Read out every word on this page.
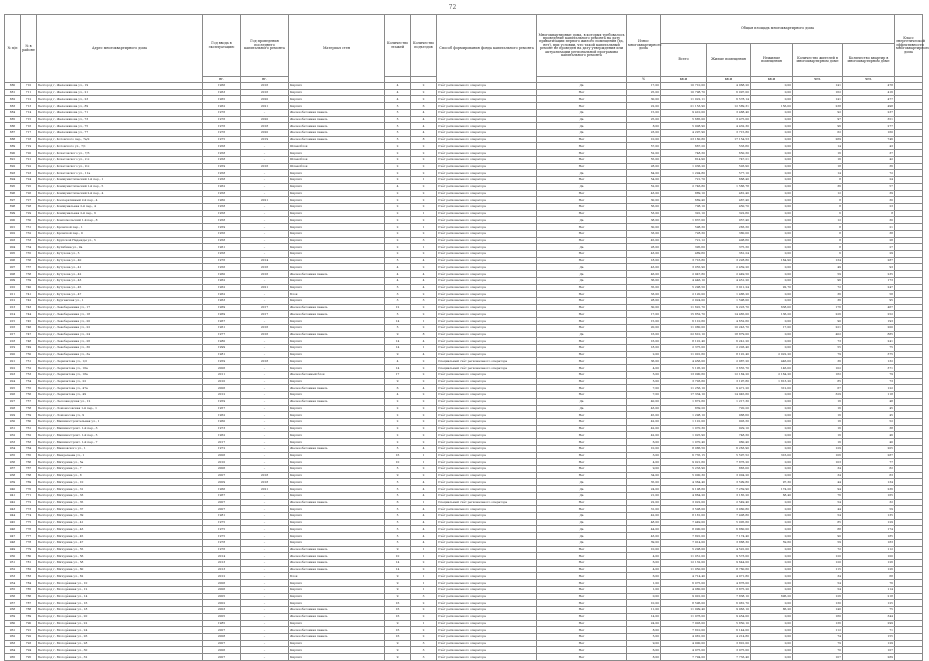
72
№ п/п	№ в районе	Адрес многоквартирного дома	Год ввода в эксплуатацию	Год проведения последнего капитального ремонта	Материал стен	Количество этажей	Количество подъездов	Способ формирования фонда капитального ремонта	Многоквартирные дома, в которых требовалось проведение капитального ремонта на дату приватизации первого жилого помещения (да, нет), при условии, что такой капитальный ремонт не проведен на дату утверждения или актуализации региональной программы капитального ремонта	Износ многоквартирного дома	Общая площадь многоквартирного дома					Класс энергетической эффективности многоквартирного дома
											Всего	Жилые помещения	Нежилые помещения	Количество жителей в многоквартирном доме	Количество квартир в многоквартирном доме	
			нг.	нг.						%	кв.м	кв.м	кв.м	чел.	чел.	
880	710	Белгород г, Железнякова ул., 19	1966	2016	Кирпич	4	2	Счёт регионального оператора	Да	17,00	10 710,00	4 968,20	0,00	141	478	
881	711	Белгород г, Железнякова ул., 21	1963	2016	Кирпич	4	2	Счёт регионального оператора	Нет	25,00	10 798,70	6 097,00	0,00	162	416	
882	712	Белгород г, Железнякова ул., 23	1965	2020	Кирпич	4	2	Счёт регионального оператора	Нет	30,00	11 022,11	6 578,14	0,00	141	477	
883	713	Белгород г, Железнякова ул., 89	1962	2021	Кирпич	5	6	Счёт регионального оператора	Нет	22,00	21 153,90	12 589,31	156,00	238	498	
884	714	Белгород г, Железнякова ул., 71	1976	–	Железобетонная панель	5	4	Счёт регионального оператора	Да	15,00	9 410,00	3 488,40	0,00	92	237	
885	715	Белгород г, Железнякова ул., 73	1976	2020	Железобетонная панель	5	4	Счёт регионального оператора	Да	25,00	5 685,00	3 475,00	0,00	97	351	
886	716	Белгород г, Железнякова ул., 75	1976	2018	Железобетонная панель	5	4	Счёт регионального оператора	Да	8,00	5 908,90	4 432,30	0,00	96	277	
887	717	Белгород г, Железнякова ул., 77	1976	2020	Железобетонная панель	5	4	Счёт регионального оператора	Да	23,00	4 297,90	3 715,80	0,00	62	160	
888	718	Белгород г, Котовского пер., 7а/2	1975	2019	Железобетонная панель	5	8	Счёт регионального оператора	Нет	10,00	23 160,80	17 154,53	0,00	289	746	
889	719	Белгород г, Котовского ул., 7/1	1958	–	Шлакоблок	2	2	Счёт регионального оператора	Нет	57,00	667,20	533,80	0,00	14	43	
890	720	Белгород г, Кочетовского ул., 7/3	1958	–	Кирпич	2	2	Счёт регионального оператора	Нет	52,00	748,30	650,30	0,00	16	37	
891	721	Белгород г, Кочетовского ул., 2 п	1958	–	Шлакоблок	2	2	Счёт регионального оператора	Нет	55,00	814,90	747,21	0,00	16	42	
892	722	Белгород г, Кочетовского ул., 9 п	1959	2016	Шлакоблок	2	2	Счёт регионального оператора	Нет	28,00	1 036,20	503,90	0,00	18	36	
893	723	Белгород г, Кочетовского ул., 11а	1958	–	Кирпич	2	2	Счёт регионального оператора	Да	64,00	1 294,80	577,10	0,00	14	72	
894	724	Белгород г, Коммунистический 1-й пер., 1	1958	–	Кирпич	2	1	Счёт регионального оператора	Нет	54,00	721,70	668,40	0,00	8	24	
895	725	Белгород г, Коммунистический 1-й пер., 5	1962	–	Кирпич	4	2	Счёт регионального оператора	Да	52,00	2 746,80	1 566,78	0,00	36	57	
896	726	Белгород г, Коммунистический 2-й пер., 4	1958	–	Кирпич	2	2	Счёт регионального оператора	Нет	43,00	889,10	481,40	0,00	12	39	
897	727	Белгород г, Кооперативный 2-й пер., 4	1960	2021	Кирпич	2	2	Счёт регионального оператора	Нет	30,00	669,40	467,40	0,00	8	30	
898	728	Белгород г, Коммунальная 2-й пер., 4	1958	–	Кирпич	2	2	Счёт регионального оператора	Нет	56,00	708,10	450,70	0,00	8	23	
899	729	Белгород г, Коммунальная 2-й пер., 6	1958	–	Кирпич	2	1	Счёт регионального оператора	Нет	53,00	391,10	322,80	0,00	6	8	
900	730	Белгород г, Комсомольский 1-й пер., 8	1958	–	Кирпич	2	2	Счёт регионального оператора	Да	38,00	1 837,00	957,40	0,00	12	30	
901	731	Белгород г, Кромской пер., 1	1959	–	Кирпич	2	1	Счёт регионального оператора	Нет	30,00	598,30	283,30	0,00	8	21	
902	732	Белгород г, Кромской пер., 9	1956	–	Кирпич	2	2	Счёт регионального оператора	Нет	33,00	728,30	380,00	0,00	8	38	
903	733	Белгород г, Крупской Надежды ул., 5	1958	–	Кирпич	2	3	Счёт регионального оператора	Нет	45,00	721,12	408,80	0,00	8	28	
904	734	Белгород г, Кулибина ул., 9а	1961	–	Кирпич	2	1	Счёт регионального оператора	Да	28,00	395,60	375,30	0,00	8	27	
905	735	Белгород г, Кутузова ул., 5	1958	–	Кирпич	2	2	Счёт регионального оператора	Нет	43,00	489,80	361,24	0,00	6	29	
906	736	Белгород г, Кутузова ул., 40	1976	2014	Кирпич	5	4	Счёт регионального оператора	Нет	18,00	3 716,80	3 228,80	164,90	134	287	
907	737	Белгород г, Кутузова ул., 41	1956	2016	Кирпич	4	2	Счёт регионального оператора	Да	43,00	3 055,90	2 459,20	0,00	49	93	
908	738	Белгород г, Кутузова ул., 42	1960	2016	Железобетонная панель	4	4	Счёт регионального оператора	Да	46,00	2 947,80	2 449,50	0,00	59	235	
909	739	Белгород г, Кутузова ул., 43	1962	–	Кирпич	4	4	Счёт регионального оператора	Да	36,00	4 446,10	4 451,20	0,00	96	173	
910	740	Белгород г, Кутузова ул., 45	1962	2021	Кирпич	5	4	Счёт регионального оператора	Нет	35,00	5 298,50	3 911,24	92,70	72	247	
911	741	Белгород г, Кутузова ул., 47	1962	–	Блок	3	2	Счёт регионального оператора	Нет	33,00	2 120,00	1 486,20	0,00	36	58	
912	742	Белгород г, Курганская ул., 1	1963	–	Кирпич	3	3	Счёт регионального оператора	Нет	28,00	2 024,00	1 598,00	0,00	36	95	
913	743	Белгород г, Левобережная ул., 17	1969	2017	Железобетонная панель	12	2	Счёт регионального оператора	Нет	30,00	11 691,70	9 223,70	638,00	176	467	
914	744	Белгород г, Левобережная ул., 18	1969	2017	Железобетонная панель	5	2	Счёт регионального оператора	Нет	17,00	15 852,70	14 465,00	136,20	226	252	
915	745	Белгород г, Левобережная ул., 20	1967	–	Кирпич	14	1	Счёт регионального оператора	Нет	15,00	6 110,60	4 652,60	0,00	90	193	
916	746	Белгород г, Левобережная ул., 22	1961	2016	Кирпич	5	2	Счёт регионального оператора	Нет	20,00	11 080,00	10 243,70	17,00	221	200	
917	747	Белгород г, Левобережная ул., 24	1977	2016	Железобетонная панель	9	8	Счёт регионального оператора	Да	16,00	22 610,10	18 879,00	0,00	402	885	
918	748	Белгород г, Левобережная ул., 26	1980	–	Кирпич	14	4	Счёт регионального оператора	Нет	16,00	8 101,40	6 241,20	0,00	73	241	
919	749	Белгород г, Левобережная ул., 30	1999	–	Кирпич	14	1	Счёт регионального оператора	Нет	18,00	2 375,00	2 203,40	0,00	55	75	
920	750	Белгород г, Левобережная ул., 3а	1981	–	Кирпич	9	4	Счёт регионального оператора	Нет	2,00	11 001,60	8 191,40	2 022,20	79	375	
921	751	Белгород г, Лермонтова ул., 1/2	1959	2018	Кирпич	4	2	Специальный счёт регионального оператора	Нет	36,00	4 456,00	2 987,20	446,00	36	132	
922	752	Белгород г, Лермонтова ул., 16а	2006	–	Кирпич	14	2	Специальный счёт регионального оператора	Нет	4,00	5 105,20	3 655,70	146,00	102	371	
923	753	Белгород г, Лермонтова ул., 18а	2011	–	Железобетонный блок	17	2	Счёт регионального оператора	Нет	5,00	13 090,60	12 184,20	2 164,20	182	79	
924	754	Белгород г, Лермонтова ул., 22	2010	–	Кирпич	9	2	Счёт регионального оператора	Нет	5,00	3 703,60	3 197,80	1 813,20	85	73	
925	755	Белгород г, Лермонтова ул., 47а	2006	–	Железобетонная панель	6	4	Счёт регионального оператора	Нет	7,00	11 256,10	9 471,20	312,00	67	122	
926	756	Белгород г, Лермонтова ул., 49	2012	–	Кирпич	4	2	Счёт регионального оператора	Нет	7,00	17 334,10	14 945,60	0,00	329	118	
927	757	Белгород г, Лесозаводская ул., 12	1959	–	Железобетонная панель	2	2	Счёт регионального оператора	Да	40,00	1 872,60	1 217,30	0,00	16	48	
928	758	Белгород г, Ломоносовская 1-й пер., 1	1957	–	Кирпич	2	2	Счёт регионального оператора	Да	43,00	839,20	720,20	0,00	16	45	
929	759	Белгород г, Ломоносова ул., 9	1962	–	Кирпич	2	2	Счёт регионального оператора	Нет	45,00	1 298,10	988,60	0,00	16	45	
930	760	Белгород г, Машиностроительная ул., 1	1960	–	Кирпич	2	2	Счёт регионального оператора	Нет	42,00	1 101,00	903,30	0,00	16	52	
931	761	Белгород г, Машиностроит. 1-й пер., 3	1973	–	Кирпич	2	2	Счёт регионального оператора	Нет	42,00	1 070,30	929,10	0,00	16	38	
932	762	Белгород г, Машиностроит. 1-й пер., 5	1962	–	Кирпич	2	2	Счёт регионального оператора	Нет	42,00	1 025,90	748,30	0,00	16	46	
933	763	Белгород г, Машиностроит. 1-й пер., 7	2017	–	Кирпич	2	2	Счёт регионального оператора	Нет	6,00	1 070,40	960,40	0,00	16	40	
934	764	Белгород г, Маяковского ул., 1	1972	–	Железобетонная панель	5	4	Счёт регионального оператора	Нет	10,00	8 086,50	6 263,90	0,00	129	205	
935	765	Белгород г, Менделеева ул., 1	2006	–	Кирпич	16	1	Счёт регионального оператора	Нет	3,00	6 735,15	5 597,52	316,00	106	287	
936	766	Белгород г, Мичурина ул., 5а	2010	–	Кирпич	10	1	Счёт регионального оператора	Нет	4,00	9 021,60	7 876,20	0,00	103	77	
937	767	Белгород г, Мичурина ул., 7	2006	–	Кирпич	5	2	Счёт регионального оператора	Нет	9,00	5 233,90	883,00	0,00	34	82	
938	768	Белгород г, Мичурина ул., 8	2007	2018	Кирпич	9	2	Счёт регионального оператора	Нет	34,00	5 000,30	3 004,20	0,00	34	83	
939	769	Белгород г, Мичурина ул., 10	2009	2018	Кирпич	5	4	Счёт регионального оператора	Да	35,00	4 364,40	3 599,80	97,30	44	134	
940	770	Белгород г, Мичурина ул., 31	1966	2021	Кирпич	5	4	Счёт регионального оператора	Да	24,00	9 108,60	7 259,90	174,20	94	236	
941	771	Белгород г, Мичурина ул., 33	1967	–	Кирпич	5	4	Счёт регионального оператора	Да	21,00	4 864,20	3 165,20	68,40	76	165	
942	772	Белгород г, Мичурина ул., 35	2007	–	Железобетонная панель	6	1	Специальный счёт регионального оператора	Нет	22,00	3 022,00	2 549,40	0,00	54	32	
943	773	Белгород г, Мичурина ул., 37	2007	–	Кирпич	5	4	Счёт регионального оператора	Нет	31,00	3 508,00	3 060,80	0,00	44	59	
944	774	Белгород г, Мичурина ул., 39	1981	–	Кирпич	5	4	Счёт регионального оператора	Да	42,00	8 181,00	7 408,80	0,00	54	135	
945	775	Белгород г, Мичурина ул., 41	1975	–	Кирпич	5	4	Счёт регионального оператора	Да	48,00	7 449,00	5 005,60	0,00	85	129	
946	776	Белгород г, Мичурина ул., 43	1975	–	Кирпич	5	4	Счёт регионального оператора	Да	44,00	8 090,00	6 860,00	0,00	88	174	
947	777	Белгород г, Мичурина ул., 45	1975	–	Кирпич	5	4	Счёт регионального оператора	Да	43,00	7 891,00	7 174,40	0,00	90	185	
948	778	Белгород г, Мичурина ул., 47	1978	–	Кирпич	5	4	Счёт регионального оператора	Да	39,00	7 914,00	3 888,30	59,60	59	183	
949	779	Белгород г, Мичурина ул., 55	1976	–	Железобетонная панель	9	1	Счёт регионального оператора	Нет	10,00	5 208,00	4 591,00	0,00	72	112	
950	780	Белгород г, Мичурина ул., 56	2014	–	Железобетонная панель	10	1	Счёт регионального оператора	Нет	4,00	11 051,00	9 573,00	0,00	120	100	
951	781	Белгород г, Мичурина ул., 58	2013	–	Железобетонная панель	14	2	Счёт регионального оператора	Нет	6,00	12 132,00	9 644,00	0,00	120	126	
952	782	Белгород г, Мичурина ул., 60	2013	–	Железобетонная панель	14	2	Счёт регионального оператора	Нет	4,00	11 950,00	8 760,60	0,00	115	126	
953	783	Белгород г, Мичурина ул., 62	2012	–	Блок	9	1	Счёт регионального оператора	Нет	6,00	4 714,40	4 071,80	0,00	34	68	
954	784	Белгород г, Молодёжная ул., 10	2006	–	Кирпич	9	1	Счёт регионального оператора	Нет	1,00	6 075,00	4 876,00	0,00	54	76	
955	785	Белгород г, Молодёжная ул., 12	2006	–	Кирпич	9	1	Счёт регионального оператора	Нет	1,00	4 980,00	3 875,20	0,00	54	114	
956	786	Белгород г, Молодёжная ул., 14	2005	–	Кирпич	9	3	Счёт регионального оператора	Нет	0,00	9 901,00	7 838,10	696,20	126	218	
957	787	Белгород г, Молодёжная ул., 16	2002	–	Кирпич	16	2	Счёт регионального оператора	Нет	10,00	8 596,00	6 981,70	0,00	130	125	
958	788	Белгород г, Молодёжная ул., 18	2003	–	Железобетонная панель	16	2	Счёт регионального оператора	Нет	11,00	11 999,40	9 963,10	86,20	140	75	
959	789	Белгород г, Молодёжная ул., 20	2005	–	Железобетонная панель	16	2	Счёт регионального оператора	Нет	14,00	11 976,00	9 454,00	0,00	180	344	
960	790	Белгород г, Молодёжная ул., 22	1985	–	Кирпич	9	1	Счёт регионального оператора	Нет	24,00	7 903,00	5 850,10	0,00	136	299	
961	791	Белгород г, Молодёжная ул., 24	2007	–	Железобетонная панель	16	2	Счёт регионального оператора	Нет	8,00	7 810,00	6 144,00	0,00	112	71	
962	792	Белгород г, Молодёжная ул., 26	2008	–	Железобетонная панель	16	2	Счёт регионального оператора	Нет	5,00	4 981,00	4 214,80	0,00	74	155	
963	793	Белгород г, Молодёжная ул., 28	2007	–	Кирпич	9	3	Счёт регионального оператора	Нет	9,00	4 900,00	3 801,00	0,00	79	129	
964	794	Белгород г, Молодёжная ул., 30	2006	–	Кирпич	9	3	Счёт регионального оператора	Нет	6,00	4 975,00	3 975,00	0,00	70	107	
965	795	Белгород г, Молодёжная ул., 32	2007	–	Кирпич	9	3	Счёт регионального оператора	Нет	8,00	7 794,00	7 733,40	0,00	107	289	
